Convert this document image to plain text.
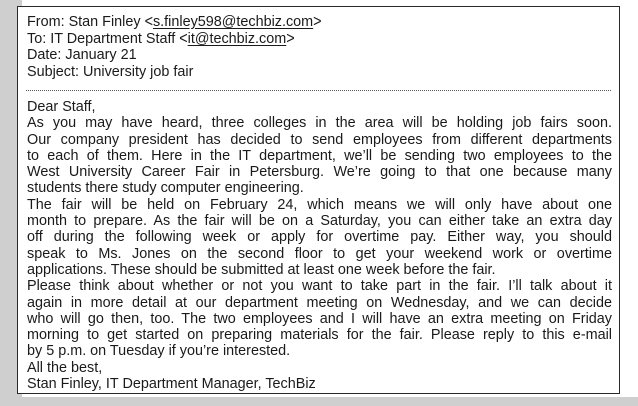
From: Stan Finley <s.finley598@techbiz.com>
To: IT Department Staff <it@techbiz.com>
Date: January 21
Subject: University job fair
Dear Staff,
As you may have heard, three colleges in the area will be holding job fairs soon.
Our company president has decided to send employees from different departments
to each of them. Here in the IT department, we’ll be sending two employees to the
West University Career Fair in Petersburg. We’re going to that one because many
students there study computer engineering.
The fair will be held on February 24, which means we will only have about one
month to prepare. As the fair will be on a Saturday, you can either take an extra day
off during the following week or apply for overtime pay. Either way, you should
speak to Ms. Jones on the second floor to get your weekend work or overtime
applications. These should be submitted at least one week before the fair.
Please think about whether or not you want to take part in the fair. I’ll talk about it
again in more detail at our department meeting on Wednesday, and we can decide
who will go then, too. The two employees and I will have an extra meeting on Friday
morning to get started on preparing materials for the fair. Please reply to this e-mail
by 5 p.m. on Tuesday if you’re interested.
All the best,
Stan Finley, IT Department Manager, TechBiz
